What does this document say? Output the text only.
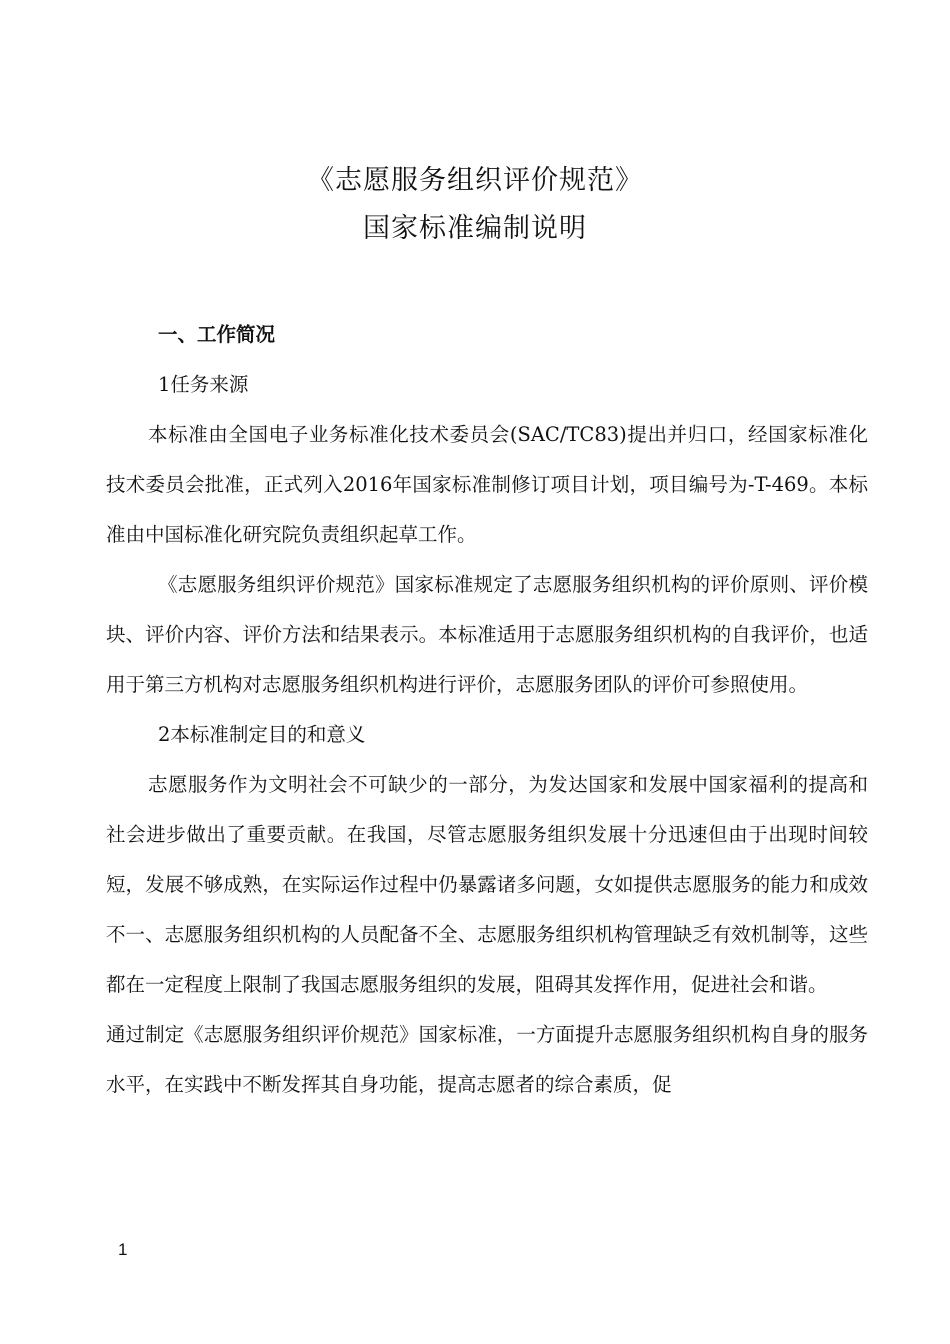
《志愿服务组织评价规范》
国家标准编制说明

一、工作简况

1任务来源

本标准由全国电子业务标准化技术委员会(SAC/TC83)提出并归口，经国家标准化技术委员会批准，正式列入2016年国家标准制修订项目计划，项目编号为-T-469。本标准由中国标准化研究院负责组织起草工作。

《志愿服务组织评价规范》国家标准规定了志愿服务组织机构的评价原则、评价模块、评价内容、评价方法和结果表示。本标准适用于志愿服务组织机构的自我评价，也适用于第三方机构对志愿服务组织机构进行评价，志愿服务团队的评价可参照使用。

2本标准制定目的和意义

志愿服务作为文明社会不可缺少的一部分，为发达国家和发展中国家福利的提高和社会进步做出了重要贡献。在我国，尽管志愿服务组织发展十分迅速但由于出现时间较短，发展不够成熟，在实际运作过程中仍暴露诸多问题，女如提供志愿服务的能力和成效不一、志愿服务组织机构的人员配备不全、志愿服务组织机构管理缺乏有效机制等，这些都在一定程度上限制了我国志愿服务组织的发展，阻碍其发挥作用，促进社会和谐。

通过制定《志愿服务组织评价规范》国家标准，一方面提升志愿服务组织机构自身的服务水平，在实践中不断发挥其自身功能，提高志愿者的综合素质，促

1
